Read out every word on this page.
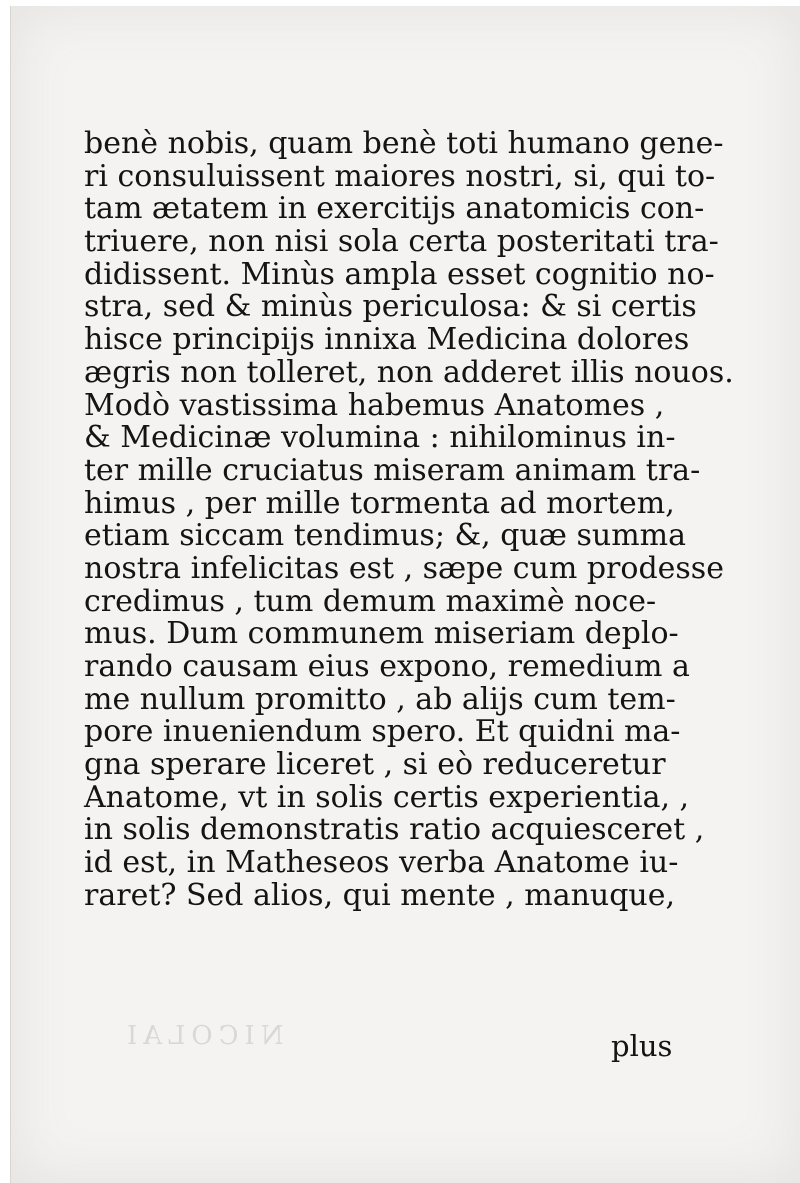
benè nobis, quam benè toti humano gene-
ri consuluissent maiores nostri, si, qui to-
tam ætatem in exercitijs anatomicis con-
triuere, non nisi sola certa posteritati tra-
didissent. Minùs ampla esset cognitio no-
stra, sed & minùs periculosa: & si certis
hisce principijs innixa Medicina dolores
ægris non tolleret, non adderet illis nouos.
Modò vastissima habemus Anatomes ,
& Medicinæ volumina : nihilominus in-
ter mille cruciatus miseram animam tra-
himus , per mille tormenta ad mortem,
etiam siccam tendimus; &, quæ summa
nostra infelicitas est , sæpe cum prodesse
credimus , tum demum maximè noce-
mus. Dum communem miseriam deplo-
rando causam eius expono, remedium a
me nullum promitto , ab alijs cum tem-
pore inueniendum spero. Et quidni ma-
gna sperare liceret , si eò reduceretur
Anatome, vt in solis certis experientia, ,
in solis demonstratis ratio acquiesceret ,
id est, in Matheseos verba Anatome iu-
raret? Sed alios, qui mente , manuque,
NICOLAI	plus
